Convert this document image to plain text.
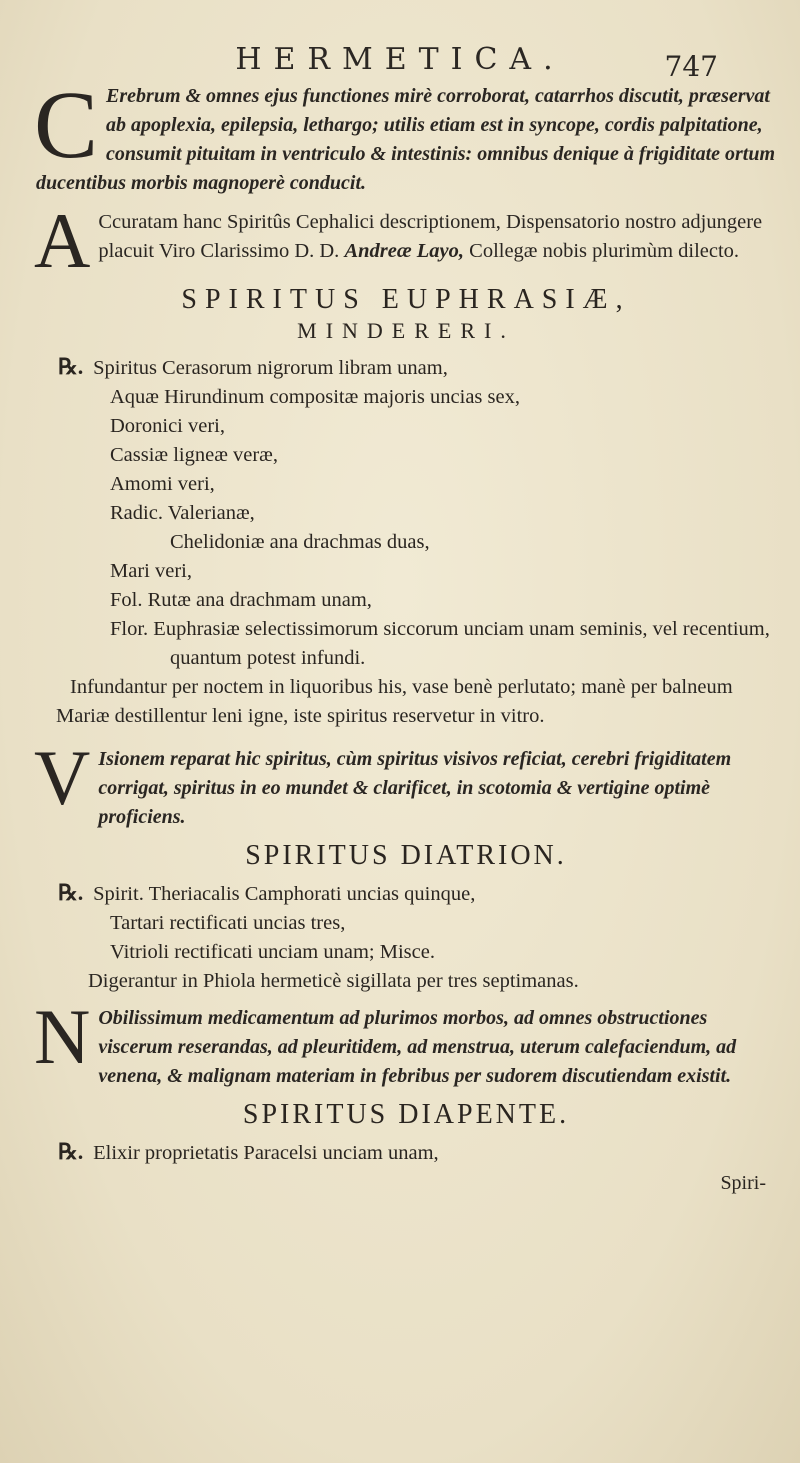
HERMETICA.	747
C Erebrum & omnes ejus functiones mirè corroborat, catarrhos discutit, præservat ab apoplexia, epilepsia, lethargo; utilis etiam est in syncope, cordis palpitatione, consumit pituitam in ventriculo & intestinis: omnibus denique à frigiditate ortum ducentibus morbis magnoperè conducit.

A Ccuratam hanc Spiritûs Cephalici descriptionem, Dispensatorio nostro adjungere placuit Viro Clarissimo D. D. Andreæ Layo, Collegæ nobis plurimùm dilecto.

SPIRITUS EUPHRASIÆ,
MINDERERI.

℞. Spiritus Cerasorum nigrorum libram unam,

Aquæ Hirundinum compositæ majoris uncias sex,

Doronici veri,

Cassiæ ligneæ veræ,

Amomi veri,

Radic. Valerianæ,

Chelidoniæ ana drachmas duas,

Mari veri,

Fol. Rutæ ana drachmam unam,

Flor. Euphrasiæ selectissimorum siccorum unciam unam seminis, vel recentium, quantum potest infundi.

Infundantur per noctem in liquoribus his, vase benè perlutato; manè per balneum Mariæ destillentur leni igne, iste spiritus reservetur in vitro.

V Isionem reparat hic spiritus, cùm spiritus visivos reficiat, cerebri frigiditatem corrigat, spiritus in eo mundet & clarificet, in scotomia & vertigine optimè proficiens.

SPIRITUS DIATRION.

℞. Spirit. Theriacalis Camphorati uncias quinque,

Tartari rectificati uncias tres,

Vitrioli rectificati unciam unam; Misce.

Digerantur in Phiola hermeticè sigillata per tres septimanas.

N Obilissimum medicamentum ad plurimos morbos, ad omnes obstructiones viscerum reserandas, ad pleuritidem, ad menstrua, uterum calefaciendum, ad venena, & malignam materiam in febribus per sudorem discutiendam existit.

SPIRITUS DIAPENTE.

℞. Elixir proprietatis Paracelsi unciam unam,

Spiri-
